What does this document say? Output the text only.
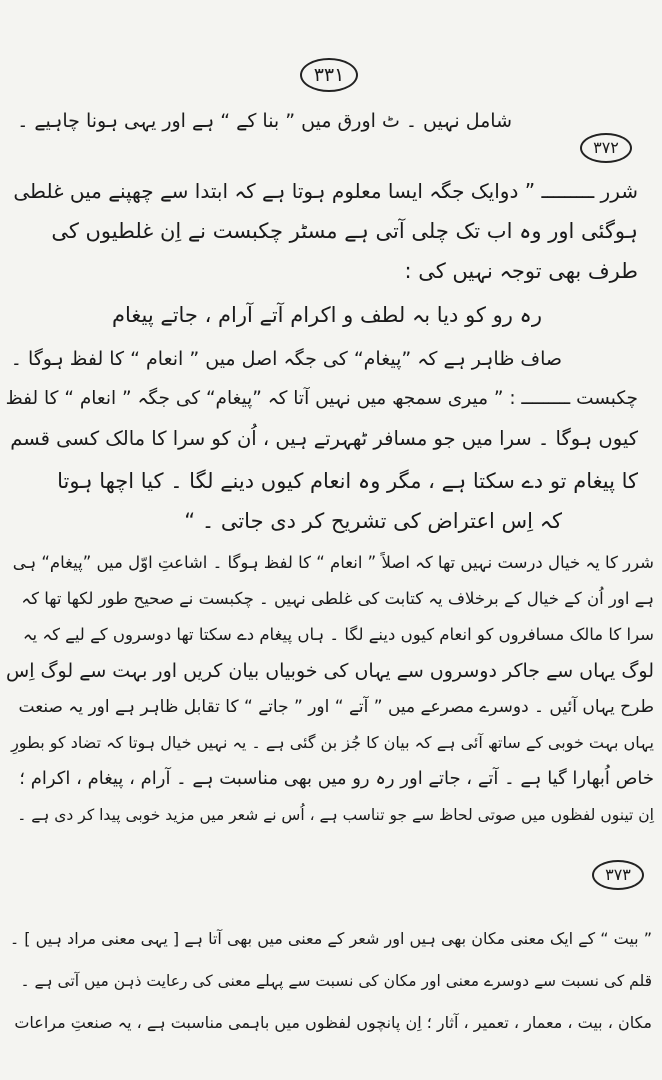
۳۳۱
شامل نہیں ۔ ٹ اورق میں ” بنا کے “ ہے اور یہی ہونا چاہیے ۔
۳۷۲
شرر ـــــــــ ” دوایک جگہ ایسا معلوم ہوتا ہے کہ ابتدا سے چھپنے میں غلطی
ہوگئی اور وہ اب تک چلی آتی ہے مسٹر چکبست نے اِن غلطیوں کی
طرف بھی توجہ نہیں کی :
رہ رو کو دیا بہ لطف و اکرام آتے آرام ، جاتے پیغام
صاف ظاہر ہے کہ ”پیغام“ کی جگہ اصل میں ” انعام “ کا لفظ ہوگا ۔
چکبست ـــــــــ : ” میری سمجھ میں نہیں آتا کہ ”پیغام“ کی جگہ ” انعام “ کا لفظ
کیوں ہوگا ۔ سرا میں جو مسافر ٹھہرتے ہیں ، اُن کو سرا کا مالک کسی قسم
کا پیغام تو دے سکتا ہے ، مگر وہ انعام کیوں دینے لگا ۔ کیا اچھا ہوتا
کہ اِس اعتراض کی تشریح کر دی جاتی ۔ “
شرر کا یہ خیال درست نہیں تھا کہ اصلاً ” انعام “ کا لفظ ہوگا ۔ اشاعتِ اوّل میں ”پیغام“ ہی
ہے اور اُن کے خیال کے برخلاف یہ کتابت کی غلطی نہیں ۔ چکبست نے صحیح طور لکھا تھا کہ
سرا کا مالک مسافروں کو انعام کیوں دینے لگا ۔ ہاں پیغام دے سکتا تھا دوسروں کے لیے کہ یہ
لوگ یہاں سے جاکر دوسروں سے یہاں کی خوبیاں بیان کریں اور بہت سے لوگ اِس
طرح یہاں آئیں ۔ دوسرے مصرعے میں ” آتے “ اور ” جاتے “ کا تقابل ظاہر ہے اور یہ صنعت
یہاں بہت خوبی کے ساتھ آئی ہے کہ بیان کا جُز بن گئی ہے ۔ یہ نہیں خیال ہوتا کہ تضاد کو بطورِ
خاص اُبھارا گیا ہے ۔ آتے ، جاتے اور رہ رو میں بھی مناسبت ہے ۔ آرام ، پیغام ، اکرام ؛
اِن تینوں لفظوں میں صوتی لحاظ سے جو تناسب ہے ، اُس نے شعر میں مزید خوبی پیدا کر دی ہے ۔
۳۷۳
” بیت “ کے ایک معنی مکان بھی ہیں اور شعر کے معنی میں بھی آتا ہے [ یہی معنی مراد ہیں ] ۔
قلم کی نسبت سے دوسرے معنی اور مکان کی نسبت سے پہلے معنی کی رعایت ذہن میں آتی ہے ۔
مکان ، بیت ، معمار ، تعمیر ، آثار ؛ اِن پانچوں لفظوں میں باہمی مناسبت ہے ، یہ صنعتِ مراعات
